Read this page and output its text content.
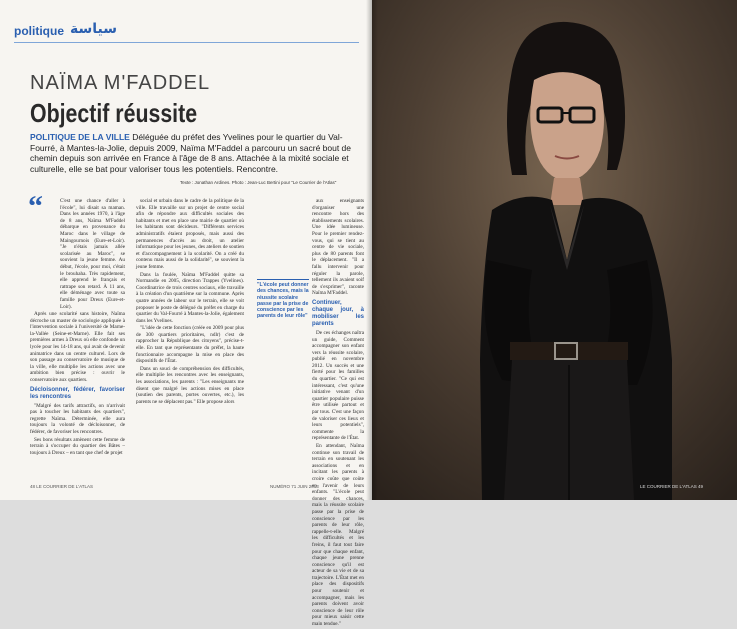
politique سياسة
NAÏMA M'FADDEL
Objectif réussite
POLITIQUE DE LA VILLE Déléguée du préfet des Yvelines pour le quartier du Val-Fourré, à Mantes-la-Jolie, depuis 2009, Naïma M'Faddel a parcouru un sacré bout de chemin depuis son arrivée en France à l'âge de 8 ans. Attachée à la mixité sociale et culturelle, elle se bat pour valoriser tous les potentiels. Rencontre.
Texte : Jonathan Ardines. Photo : Jean-Luc Bertini pour "Le Courrier de l'Atlas"
“	C'est une chance d'aller à l'école", lui disait sa maman. Dans les années 1970, à l'âge de 8 ans, Naïma M'Faddel débarque en provenance du Maroc dans le village de Maingournois (Eure-et-Loir). "Je n'étais jamais allée scolarisée au Maroc", se souvient la jeune femme. Au début, l'école, pour moi, c'était le brouhaha. Très rapidement, elle apprend le français et rattrape son retard. À 11 ans, elle déménage avec toute sa famille pour Dreux (Eure-et-Loir).

Après une scolarité sans histoire, Naïma décroche un master de sociologie appliquée à l'intervention sociale à l'université de Marne-la-Vallée (Seine-et-Marne). Elle fait ses premières armes à Dreux où elle confonde un lycée pour les 14-18 ans, qui avait de devenir animatrice dans un centre culturel. Lors de son passage au conservatoire de musique de la ville, elle multiplie les actions avec une ambition bien précise : ouvrir le conservatoire aux quartiers.

Décloisonner, fédérer, favoriser les rencontres

"Malgré des tarifs attractifs, on n'arrivait pas à toucher les habitants des quartiers", regrette Naïma. Déterminée, elle aura toujours la volonté de décloisonner, de fédérer, de favoriser les rencontres.

Ses bons résultats amènent cette femme de terrain à s'occuper du quartier des Bâtes – toujours à Dreux – en tant que chef de projet

social et urbain dans le cadre de la politique de la ville. Elle travaille sur un projet de centre social afin de répondre aux difficultés sociales des habitants et met en place une mairie de quartier où les habitants sont décideurs. "Différents services administratifs étaient proposés, mais aussi des permanences d'accès au droit, un atelier informatique pour les jeunes, des ateliers de soutien et d'accompagnement à la scolarité. On a créé du contenu mais aussi de la solidarité", se souvient la jeune femme.

Dans la foulée, Naïma M'Faddel quitte sa Normandie en 2005, direction Trappes (Yvelines). Coordinatrice de trois centres sociaux, elle travaille à la création d'un quatrième sur la commune. Après quatre années de labeur sur le terrain, elle se voit proposer le poste de délégué du préfet en charge du quartier du Val-Fourré à Mantes-la-Jolie, également dans les Yvelines.

"L'idée de cette fonction (créée en 2009 pour plus de 300 quartiers prioritaires, ndlr) c'est de rapprocher la République des citoyens", précise-t-elle. En tant que représentante du préfet, la haute fonctionnaire accompagne la mise en place des dispositifs de l'État.

Dans un souci de compréhension des difficultés, elle multiplie les rencontres avec les enseignants, les associations, les parents : "Les enseignants me disent que malgré les actions mises en place (soutien des parents, portes ouvertes, etc.), les parents ne se déplacent pas." Elle propose alors

"L'école peut donner des chances, mais la réussite scolaire passe par la prise de conscience par les parents de leur rôle"

aux enseignants d'organiser une rencontre hors des établissements scolaires. Une idée lumineuse. Pour le premier rendez-vous, qui se tient au centre de vie sociale, plus de 80 parents font le déplacement. "Il a fallu intervenir pour réguler la parole, tellement ils avaient soif de s'exprimer", raconte Naïma M'Faddel.

Continuer, chaque jour, à mobiliser les parents

De ces échanges naîtra un guide, Comment accompagner son enfant vers la réussite scolaire, publié en novembre 2012. Un succès et une fierté pour les familles du quartier. "Ce qui est intéressant, c'est qu'une initiative venant d'un quartier populaire puisse être utilisée partout et par tous. C'est une façon de valoriser ces lieux et leurs potentiels", commente la représentante de l'État.

En attendant, Naïma continue son travail de terrain en soutenant les associations et en incitant les parents à croire coûte que coûte en l'avenir de leurs enfants. "L'école peut donner des chances, mais la réussite scolaire passe par la prise de conscience par les parents de leur rôle, rappelle-t-elle. Malgré les difficultés et les freins, il faut tout faire pour que chaque enfant, chaque jeune prenne conscience qu'il est acteur de sa vie et de sa trajectoire. L'État met en place des dispositifs pour soutenir et accompagner, mais les parents doivent avoir conscience de leur rôle pour mieux saisir cette main tendue."

48 LE COURRIER DE L'ATLAS	NUMÉRO 71 JUIN 2013	LE COURRIER DE L'ATLAS 49
